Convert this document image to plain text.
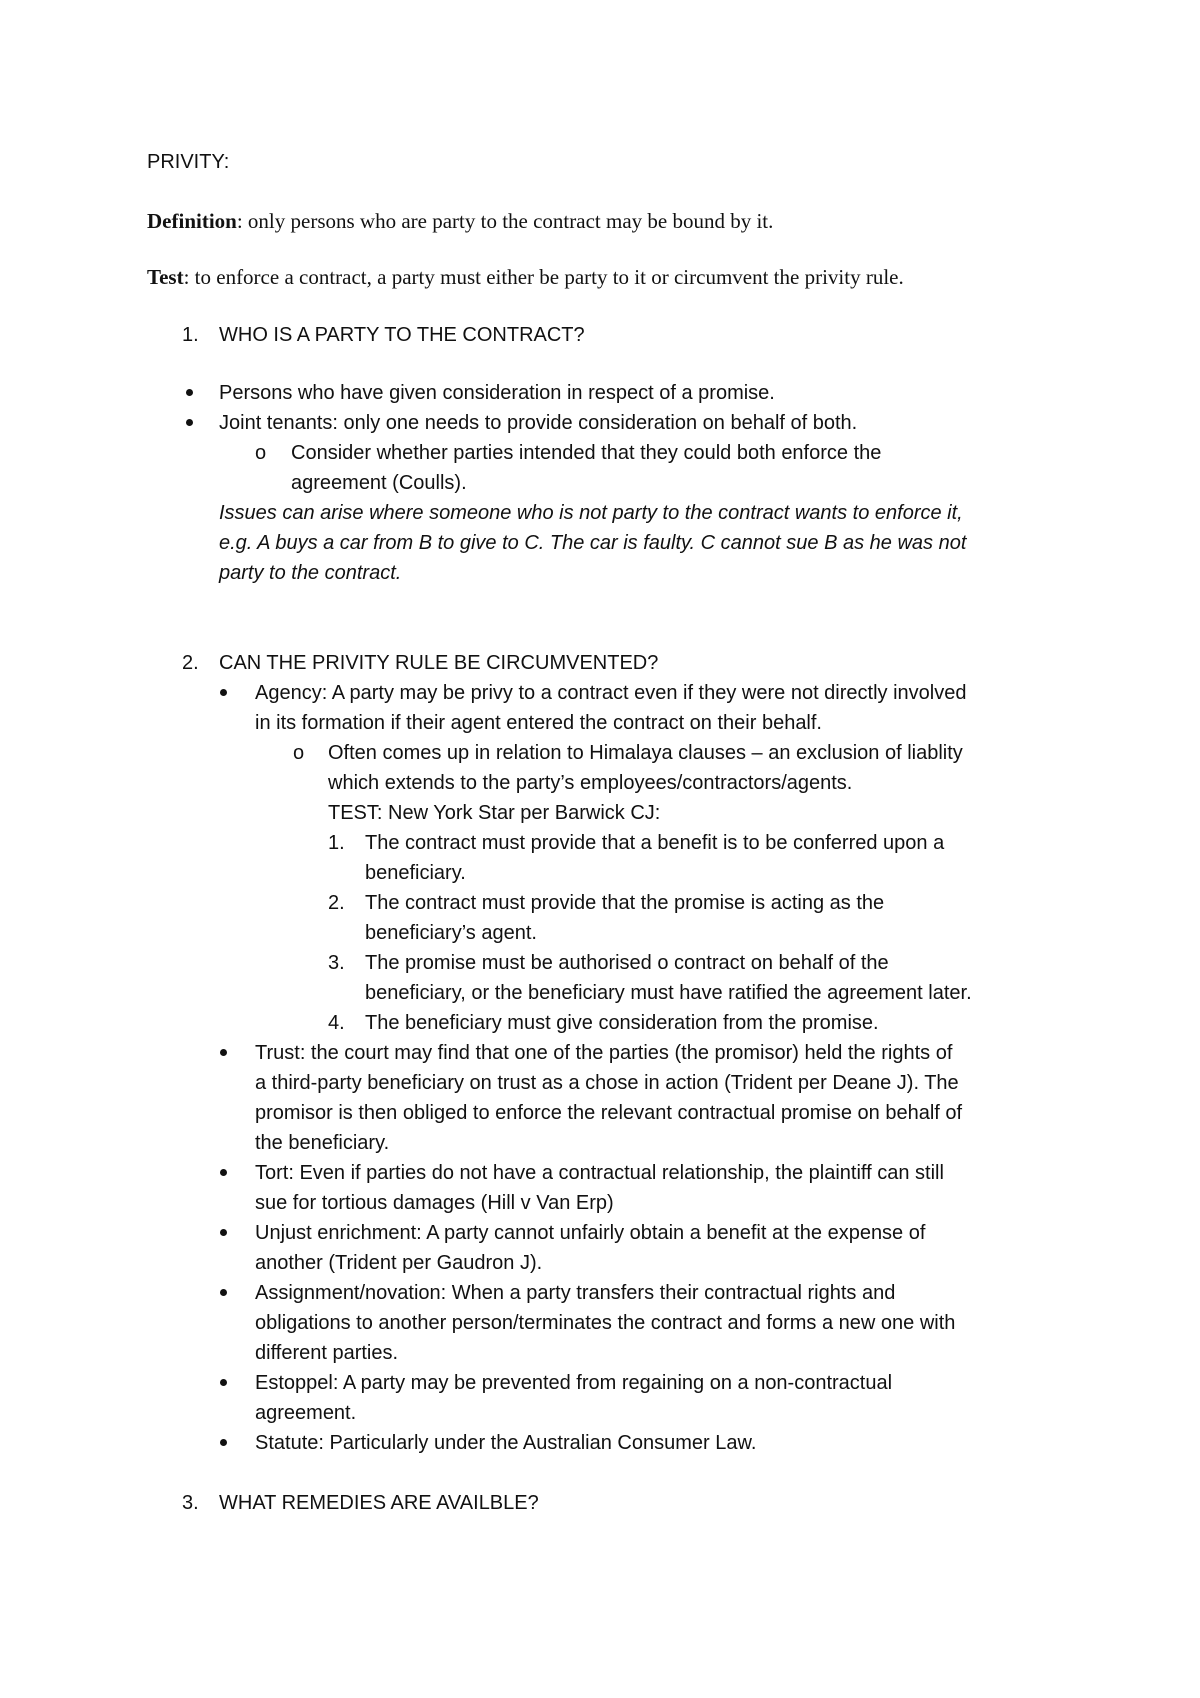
PRIVITY:
Definition: only persons who are party to the contract may be bound by it.
Test: to enforce a contract, a party must either be party to it or circumvent the privity rule.
1. WHO IS A PARTY TO THE CONTRACT?
Persons who have given consideration in respect of a promise.
Joint tenants: only one needs to provide consideration on behalf of both.
o Consider whether parties intended that they could both enforce the
agreement (Coulls).
Issues can arise where someone who is not party to the contract wants to enforce it,
e.g. A buys a car from B to give to C. The car is faulty. C cannot sue B as he was not
party to the contract.
2. CAN THE PRIVITY RULE BE CIRCUMVENTED?
Agency: A party may be privy to a contract even if they were not directly involved
in its formation if their agent entered the contract on their behalf.
o Often comes up in relation to Himalaya clauses – an exclusion of liablity
which extends to the party’s employees/contractors/agents.
TEST: New York Star per Barwick CJ:
1. The contract must provide that a benefit is to be conferred upon a
beneficiary.
2. The contract must provide that the promise is acting as the
beneficiary’s agent.
3. The promise must be authorised o contract on behalf of the
beneficiary, or the beneficiary must have ratified the agreement later.
4. The beneficiary must give consideration from the promise.
Trust: the court may find that one of the parties (the promisor) held the rights of
a third-party beneficiary on trust as a chose in action (Trident per Deane J). The
promisor is then obliged to enforce the relevant contractual promise on behalf of
the beneficiary.
Tort: Even if parties do not have a contractual relationship, the plaintiff can still
sue for tortious damages (Hill v Van Erp)
Unjust enrichment: A party cannot unfairly obtain a benefit at the expense of
another (Trident per Gaudron J).
Assignment/novation: When a party transfers their contractual rights and
obligations to another person/terminates the contract and forms a new one with
different parties.
Estoppel: A party may be prevented from regaining on a non-contractual
agreement.
Statute: Particularly under the Australian Consumer Law.
3. WHAT REMEDIES ARE AVAILBLE?
